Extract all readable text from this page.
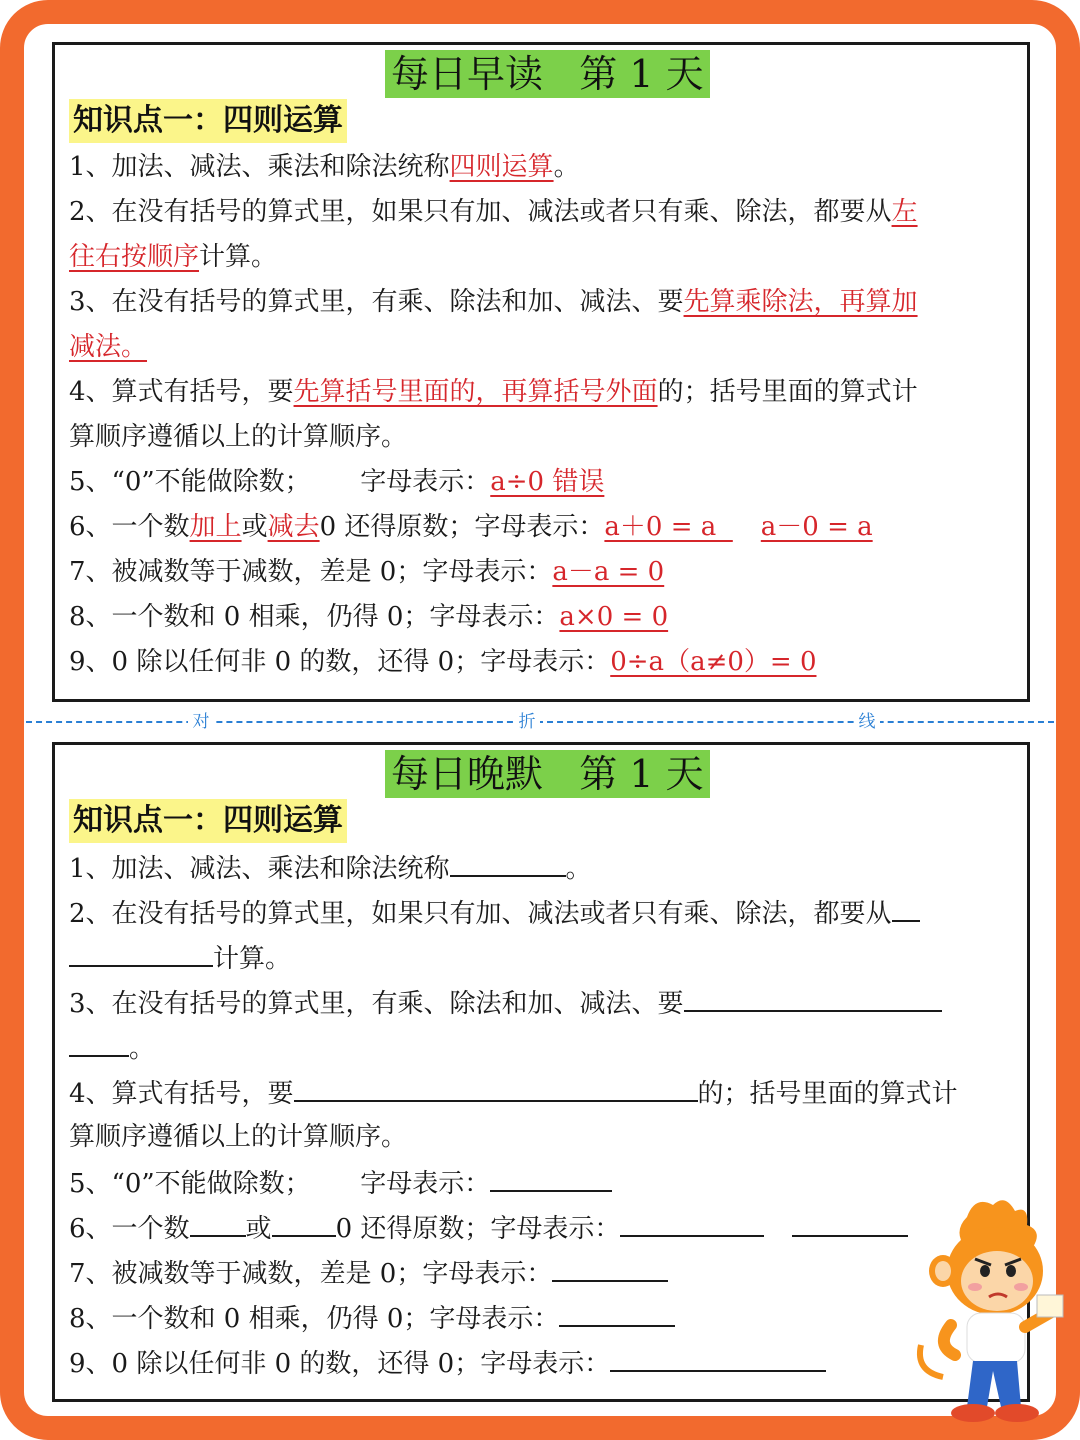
每日早读   第 1 天
知识点一：四则运算
1、加法、减法、乘法和除法统称四则运算。
2、在没有括号的算式里，如果只有加、减法或者只有乘、除法，都要从左
往右按顺序计算。
3、在没有括号的算式里，有乘、除法和加、减法、要先算乘除法，再算加
减法。
4、算式有括号，要先算括号里面的，再算括号外面的；括号里面的算式计
算顺序遵循以上的计算顺序。
5、“0”不能做除数；      字母表示：a÷0 错误
6、一个数加上或减去0 还得原数；字母表示：a＋0 = a  a－0 = a
7、被减数等于减数，差是 0；字母表示：a－a = 0
8、一个数和 0 相乘，仍得 0；字母表示：a×0 = 0
9、0 除以任何非 0 的数，还得 0；字母表示：0÷a（a≠0）= 0
对	折	线
每日晚默   第 1 天
知识点一：四则运算
1、加法、减法、乘法和除法统称	。
2、在没有括号的算式里，如果只有加、减法或者只有乘、除法，都要从
计算。
3、在没有括号的算式里，有乘、除法和加、减法、要
。
4、算式有括号，要	的；括号里面的算式计
算顺序遵循以上的计算顺序。
5、“0”不能做除数；      字母表示：
6、一个数 或 0 还得原数；字母表示：
7、被减数等于减数，差是 0；字母表示：
8、一个数和 0 相乘，仍得 0；字母表示：
9、0 除以任何非 0 的数，还得 0；字母表示：
